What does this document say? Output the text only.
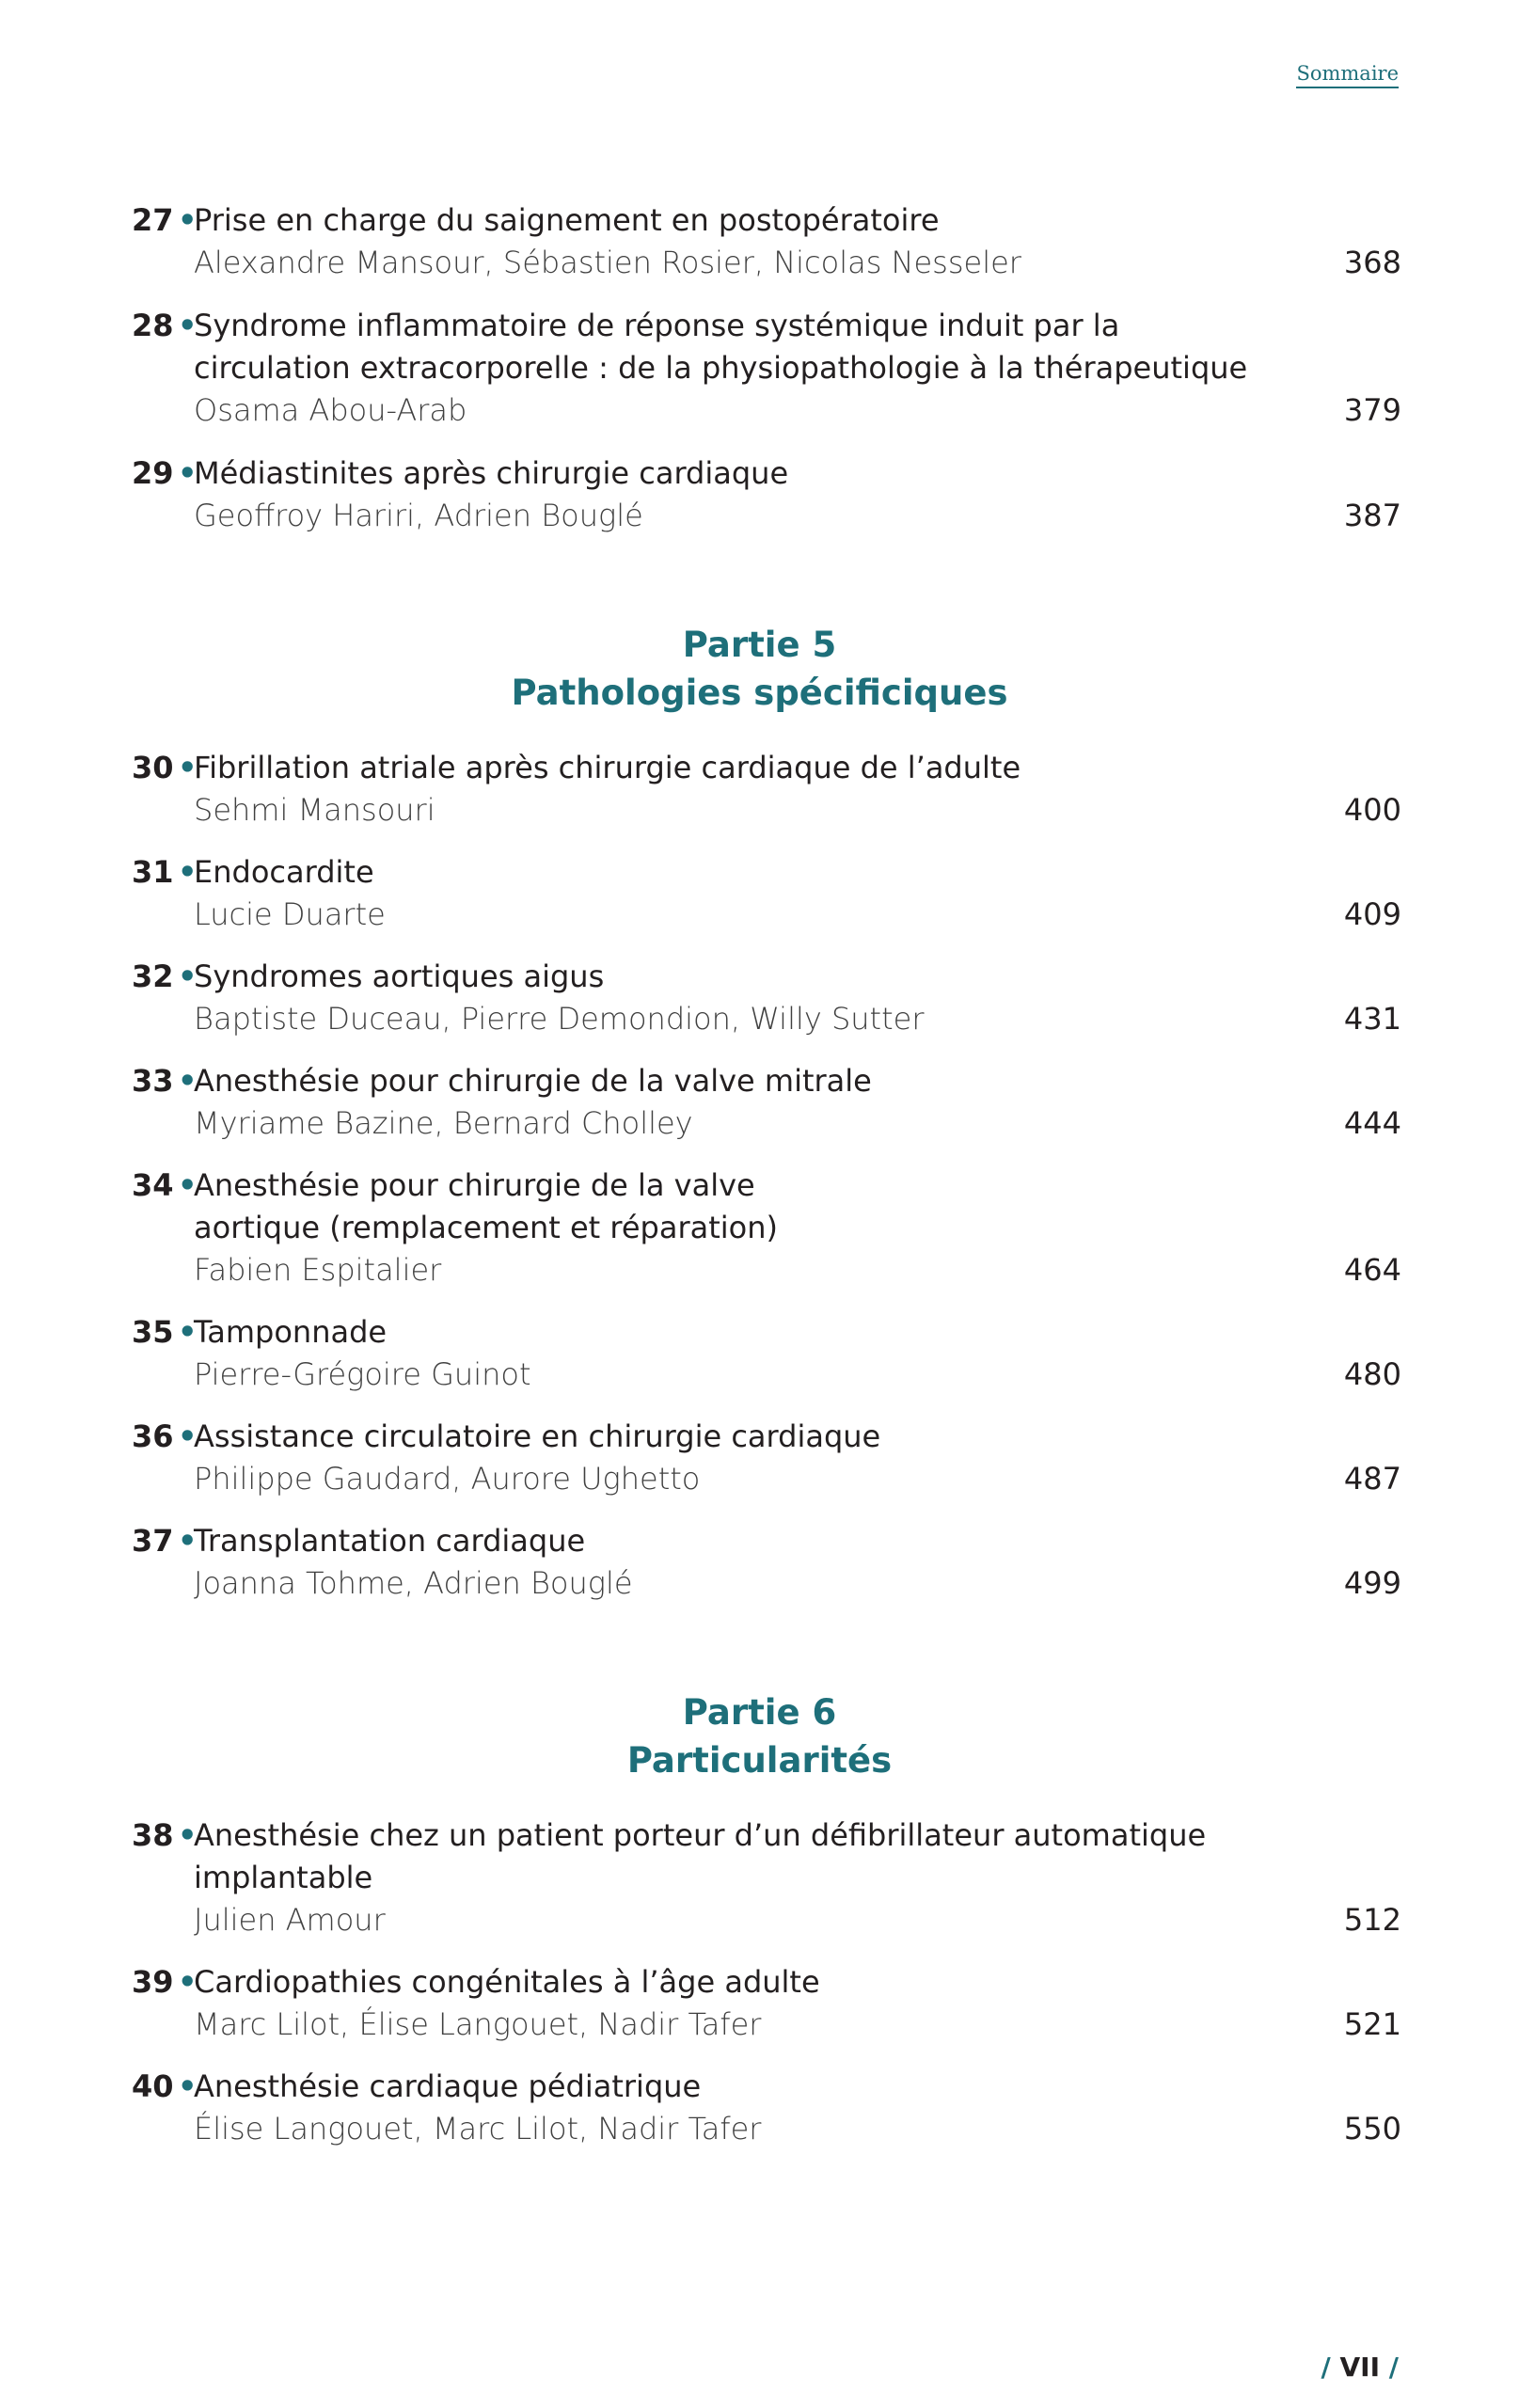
Sommaire
27 •
Prise en charge du saignement en postopératoire
Alexandre Mansour, Sébastien Rosier, Nicolas Nesseler	368
28 •
Syndrome inflammatoire de réponse systémique induit par la circulation extracorporelle : de la physiopathologie à la thérapeutique
Osama Abou-Arab	379
29 •
Médiastinites après chirurgie cardiaque
Geoffroy Hariri, Adrien Bouglé	387
Partie 5
Pathologies spécificiques
30 •
Fibrillation atriale après chirurgie cardiaque de l’adulte
Sehmi Mansouri	400
31 •
Endocardite
Lucie Duarte	409
32 •
Syndromes aortiques aigus
Baptiste Duceau, Pierre Demondion, Willy Sutter	431
33 •
Anesthésie pour chirurgie de la valve mitrale
Myriame Bazine, Bernard Cholley	444
34 •
Anesthésie pour chirurgie de la valve aortique (remplacement et réparation)
Fabien Espitalier	464
35 •
Tamponnade
Pierre-Grégoire Guinot	480
36 •
Assistance circulatoire en chirurgie cardiaque
Philippe Gaudard, Aurore Ughetto	487
37 •
Transplantation cardiaque
Joanna Tohme, Adrien Bouglé	499
Partie 6
Particularités
38 •
Anesthésie chez un patient porteur d’un défibrillateur automatique implantable
Julien Amour	512
39 •
Cardiopathies congénitales à l’âge adulte
Marc Lilot, Élise Langouet, Nadir Tafer	521
40 •
Anesthésie cardiaque pédiatrique
Élise Langouet, Marc Lilot, Nadir Tafer	550
/ VII /
